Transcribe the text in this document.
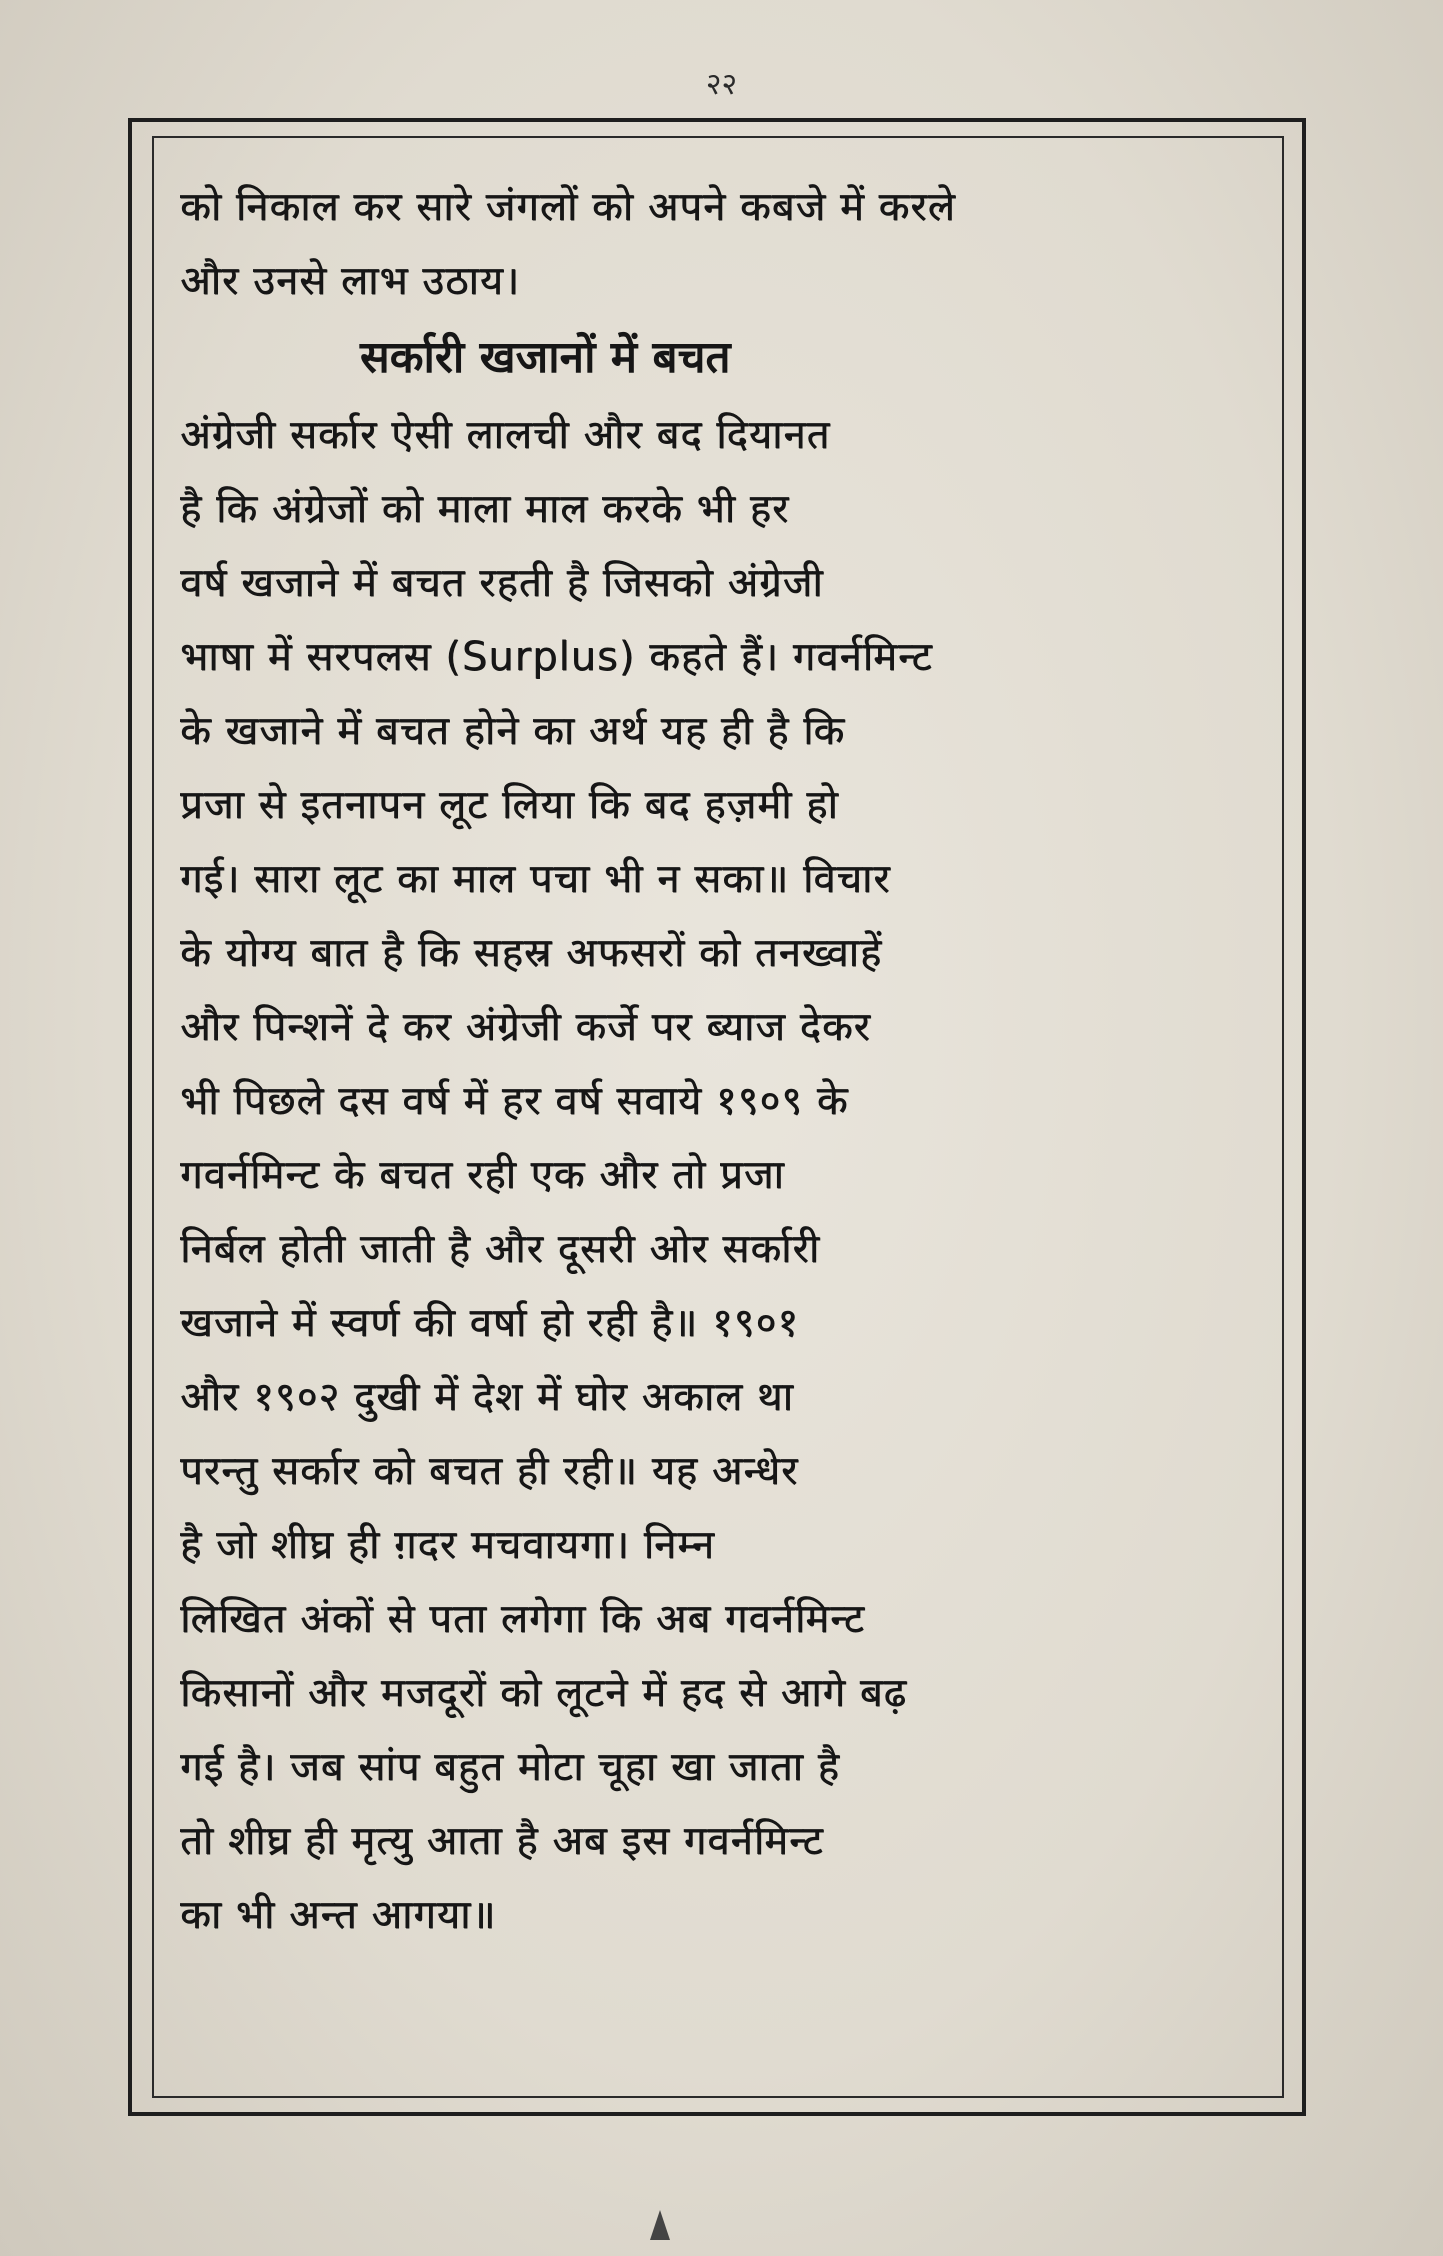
२२
को निकाल कर सारे जंगलों को अपने कबजे में करले
और उनसे लाभ उठाय।
सर्कारी खजानों में बचत
अंग्रेजी सर्कार ऐसी लालची और बद दियानत
है कि अंग्रेजों को माला माल करके भी हर
वर्ष खजाने में बचत रहती है जिसको अंग्रेजी
भाषा में सरपलस (Surplus) कहते हैं। गवर्नमिन्ट
के खजाने में बचत होने का अर्थ यह ही है कि
प्रजा से इतनापन लूट लिया कि बद हज़मी हो
गई। सारा लूट का माल पचा भी न सका॥ विचार
के योग्य बात है कि सहस्र अफसरों को तनख्वाहें
और पिन्शनें दे कर अंग्रेजी कर्जे पर ब्याज देकर
भी पिछले दस वर्ष में हर वर्ष सवाये १९०९ के
गवर्नमिन्ट के बचत रही एक और तो प्रजा
निर्बल होती जाती है और दूसरी ओर सर्कारी
खजाने में स्वर्ण की वर्षा हो रही है॥ १९०१
और १९०२ दुखी में देश में घोर अकाल था
परन्तु सर्कार को बचत ही रही॥ यह अन्धेर
है जो शीघ्र ही ग़दर मचवायगा। निम्न
लिखित अंकों से पता लगेगा कि अब गवर्नमिन्ट
किसानों और मजदूरों को लूटने में हद से आगे बढ़
गई है। जब सांप बहुत मोटा चूहा खा जाता है
तो शीघ्र ही मृत्यु आता है अब इस गवर्नमिन्ट
का भी अन्त आगया॥
